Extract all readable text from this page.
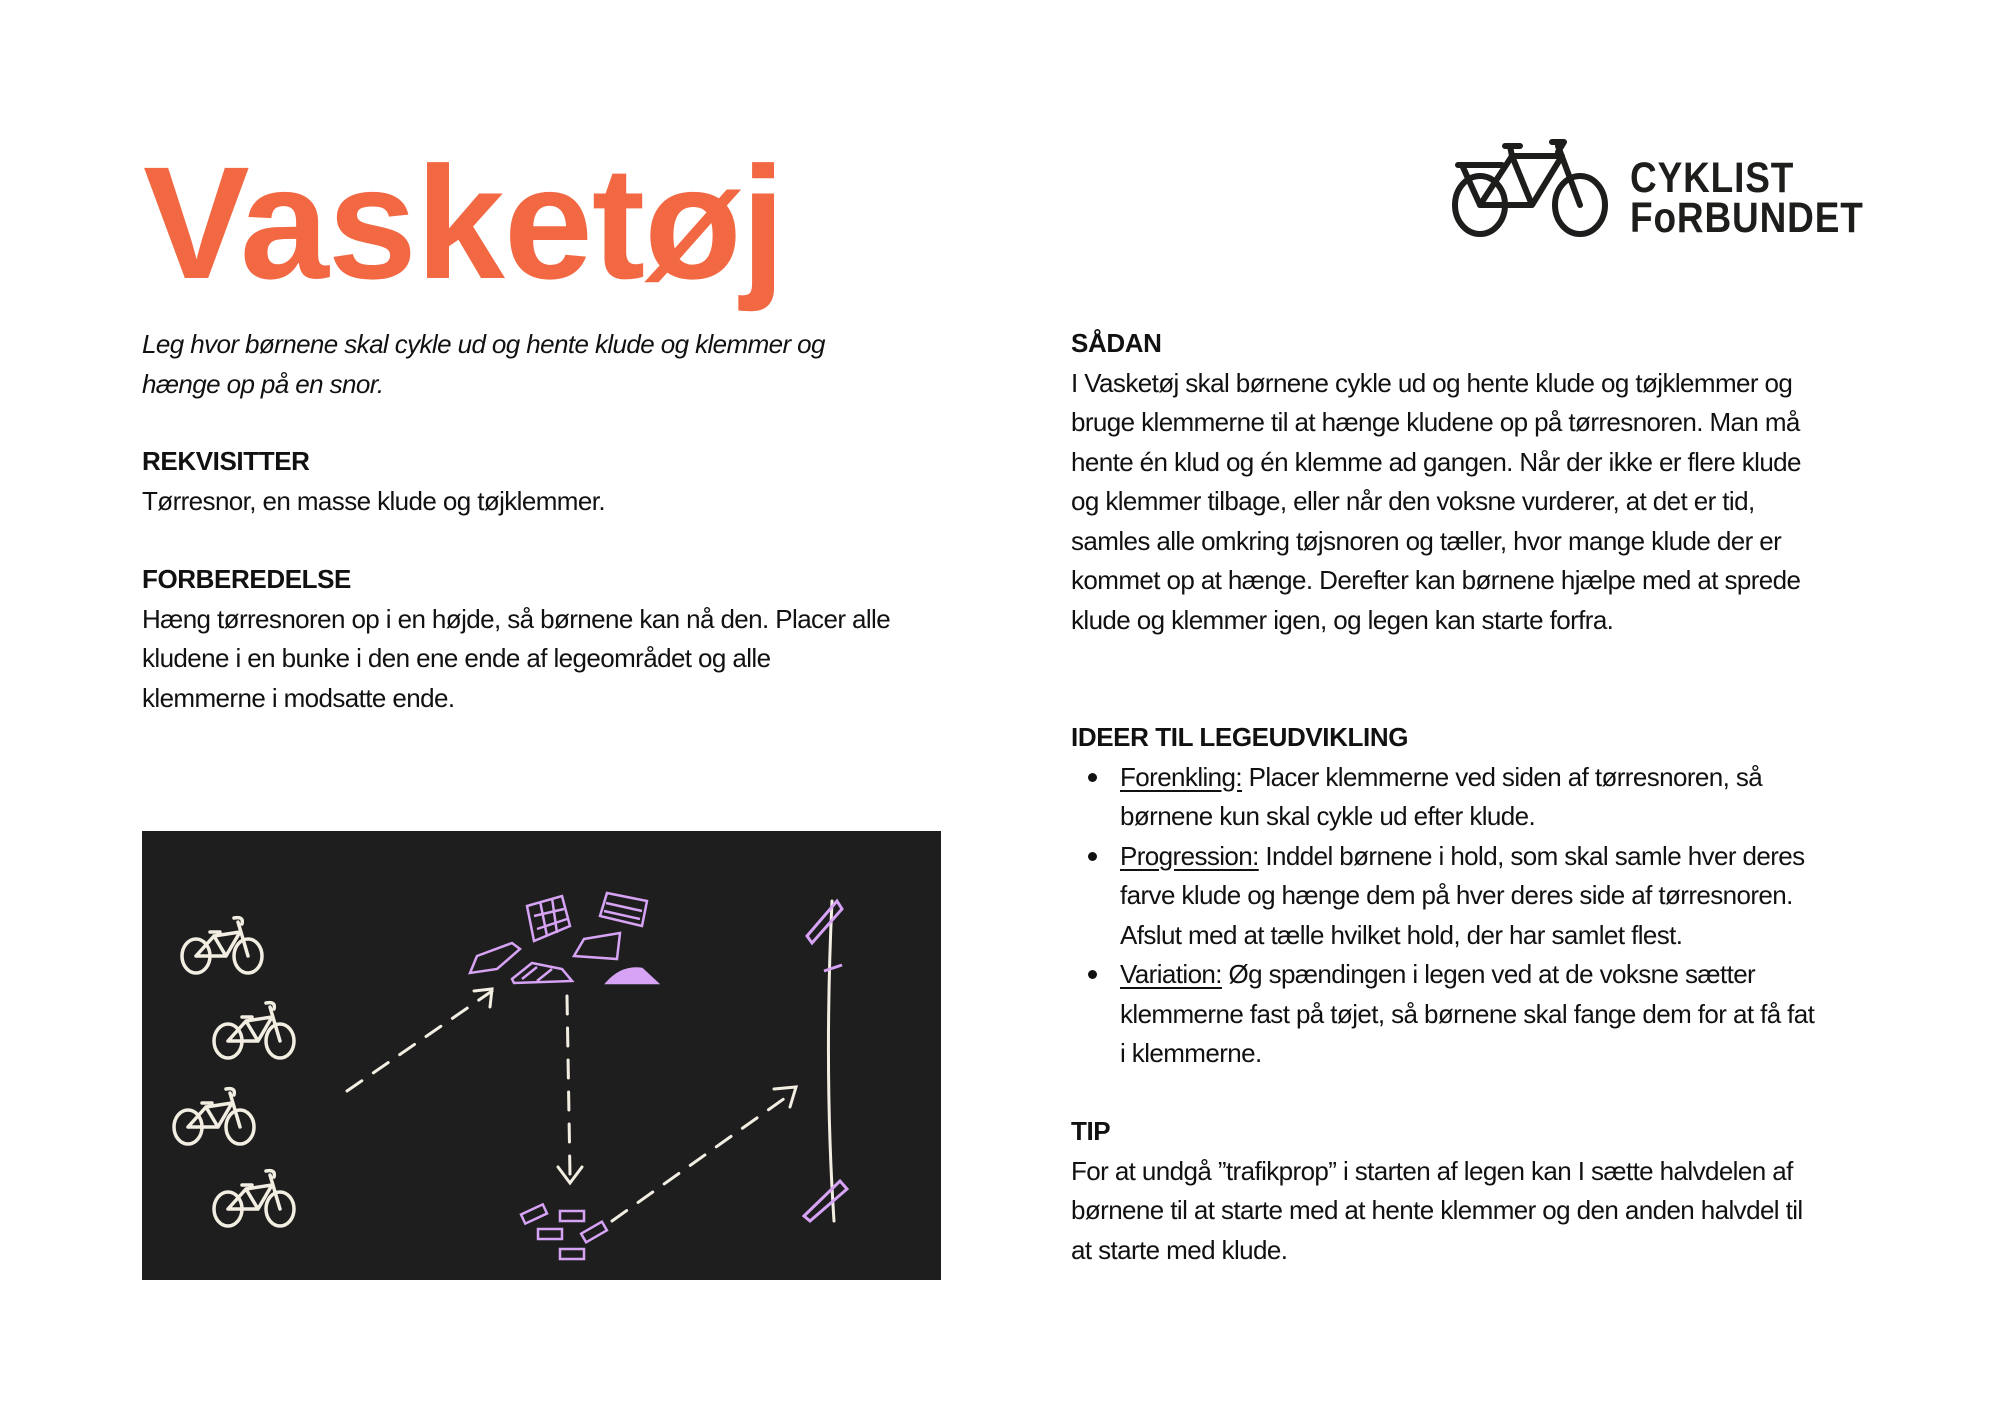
Vasketøj	CYKLIST
FoRBUNDET
Leg hvor børnene skal cykle ud og hente klude og klemmer og
hænge op på en snor.
REKVISITTER
Tørresnor, en masse klude og tøjklemmer.
FORBEREDELSE
Hæng tørresnoren op i en højde, så børnene kan nå den. Placer alle
kludene i en bunke i den ene ende af legeområdet og alle
klemmerne i modsatte ende.
SÅDAN
I Vasketøj skal børnene cykle ud og hente klude og tøjklemmer og
bruge klemmerne til at hænge kludene op på tørresnoren. Man må
hente én klud og én klemme ad gangen. Når der ikke er flere klude
og klemmer tilbage, eller når den voksne vurderer, at det er tid,
samles alle omkring tøjsnoren og tæller, hvor mange klude der er
kommet op at hænge. Derefter kan børnene hjælpe med at sprede
klude og klemmer igen, og legen kan starte forfra.
IDEER TIL LEGEUDVIKLING
Forenkling: Placer klemmerne ved siden af tørresnoren, så
børnene kun skal cykle ud efter klude.
Progression: Inddel børnene i hold, som skal samle hver deres
farve klude og hænge dem på hver deres side af tørresnoren.
Afslut med at tælle hvilket hold, der har samlet flest.
Variation: Øg spændingen i legen ved at de voksne sætter
klemmerne fast på tøjet, så børnene skal fange dem for at få fat
i klemmerne.
TIP
For at undgå ”trafikprop” i starten af legen kan I sætte halvdelen af
børnene til at starte med at hente klemmer og den anden halvdel til
at starte med klude.
